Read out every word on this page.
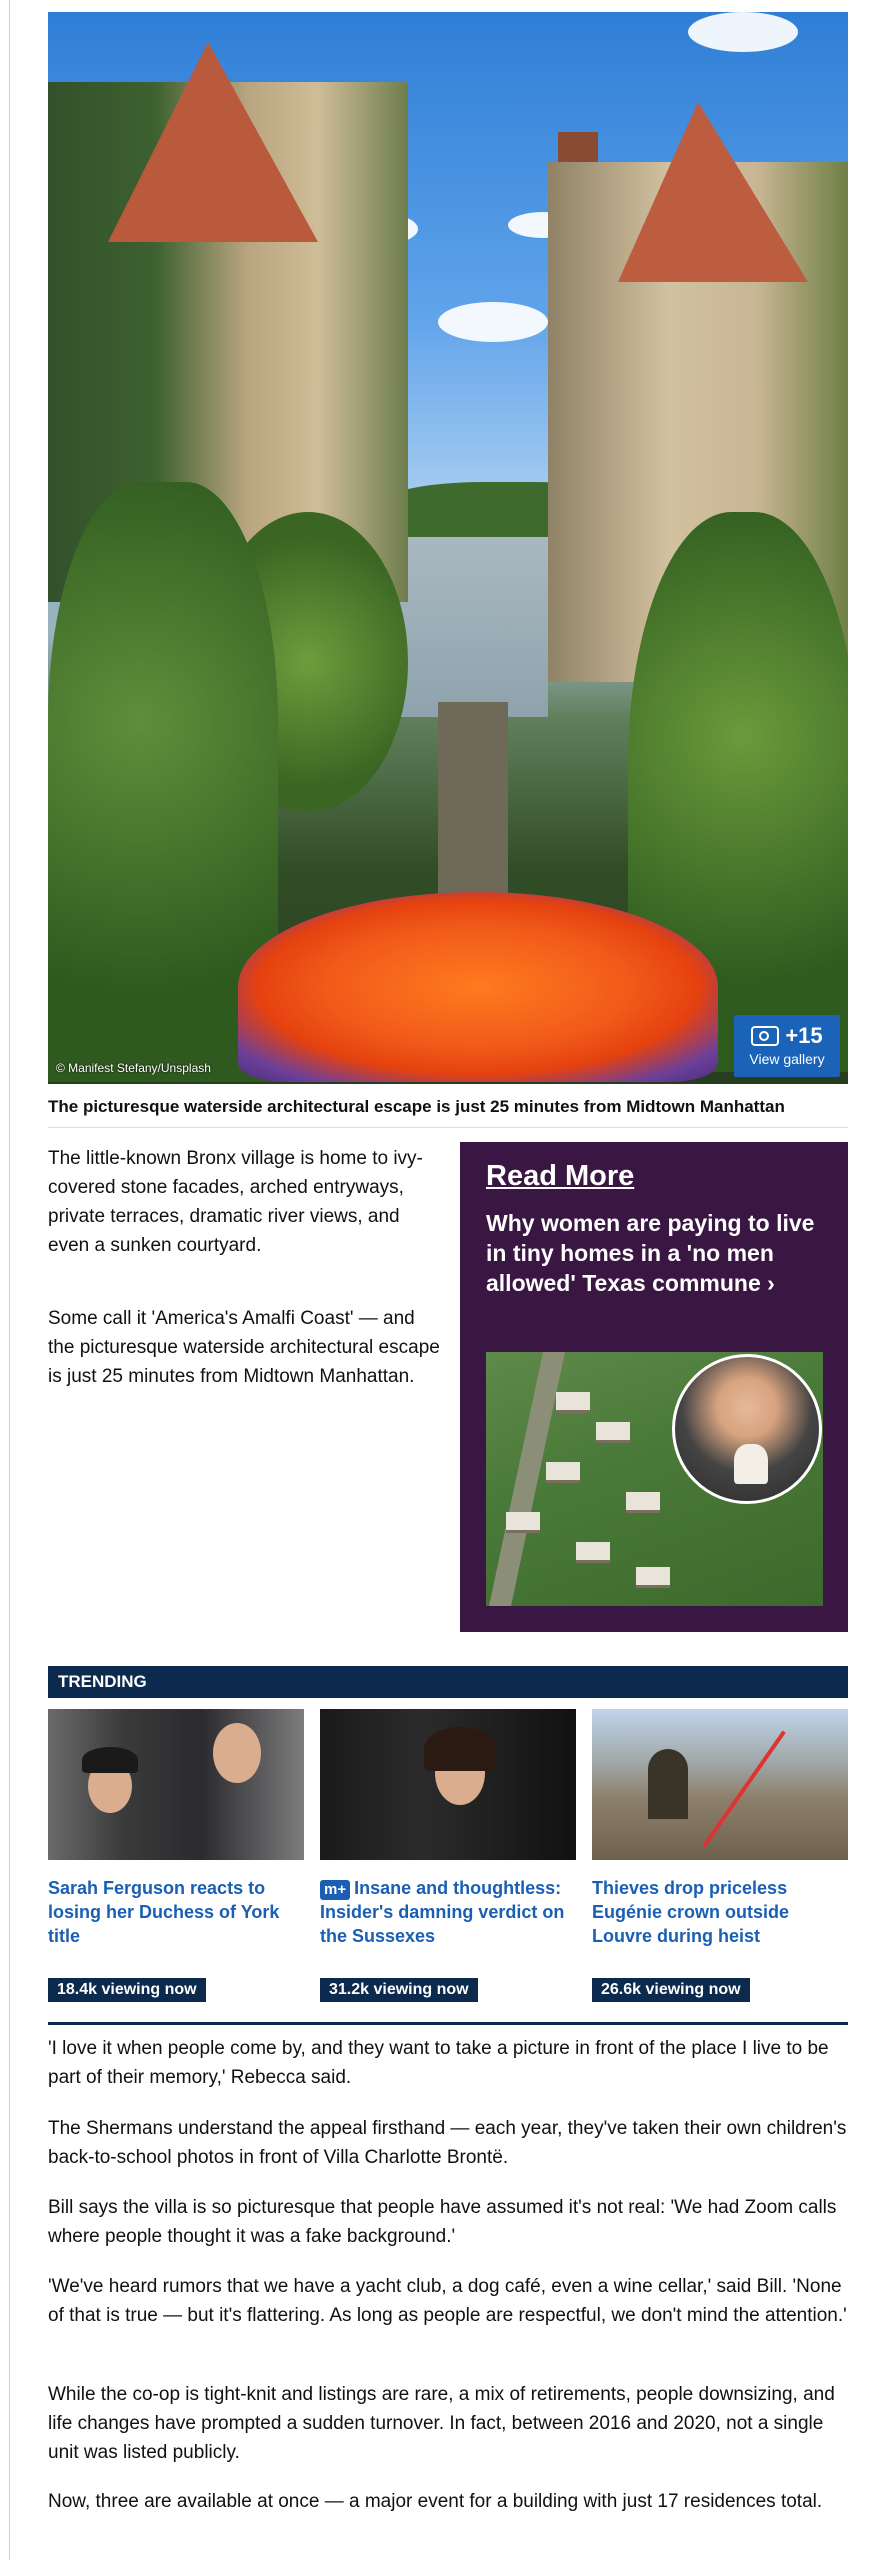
© Manifest Stefany/Unsplash
+15
View gallery
The picturesque waterside architectural escape is just 25 minutes from Midtown Manhattan

The little-known Bronx village is home to ivy-covered stone facades, arched entryways, private terraces, dramatic river views, and even a sunken courtyard.

Some call it 'America's Amalfi Coast' — and the picturesque waterside architectural escape is just 25 minutes from Midtown Manhattan.

Read More
Why women are paying to live in tiny homes in a 'no men allowed' Texas commune ›
TRENDING
Sarah Ferguson reacts to losing her Duchess of York title
18.4k viewing now
m+ Insane and thoughtless: Insider's damning verdict on the Sussexes
31.2k viewing now
Thieves drop priceless Eugénie crown outside Louvre during heist
26.6k viewing now

'I love it when people come by, and they want to take a picture in front of the place I live to be part of their memory,' Rebecca said.

The Shermans understand the appeal firsthand — each year, they've taken their own children's back-to-school photos in front of Villa Charlotte Brontë.

Bill says the villa is so picturesque that people have assumed it's not real: 'We had Zoom calls where people thought it was a fake background.'

'We've heard rumors that we have a yacht club, a dog café, even a wine cellar,' said Bill. 'None of that is true — but it's flattering. As long as people are respectful, we don't mind the attention.'

While the co-op is tight-knit and listings are rare, a mix of retirements, people downsizing, and life changes have prompted a sudden turnover. In fact, between 2016 and 2020, not a single unit was listed publicly.

Now, three are available at once — a major event for a building with just 17 residences total.
